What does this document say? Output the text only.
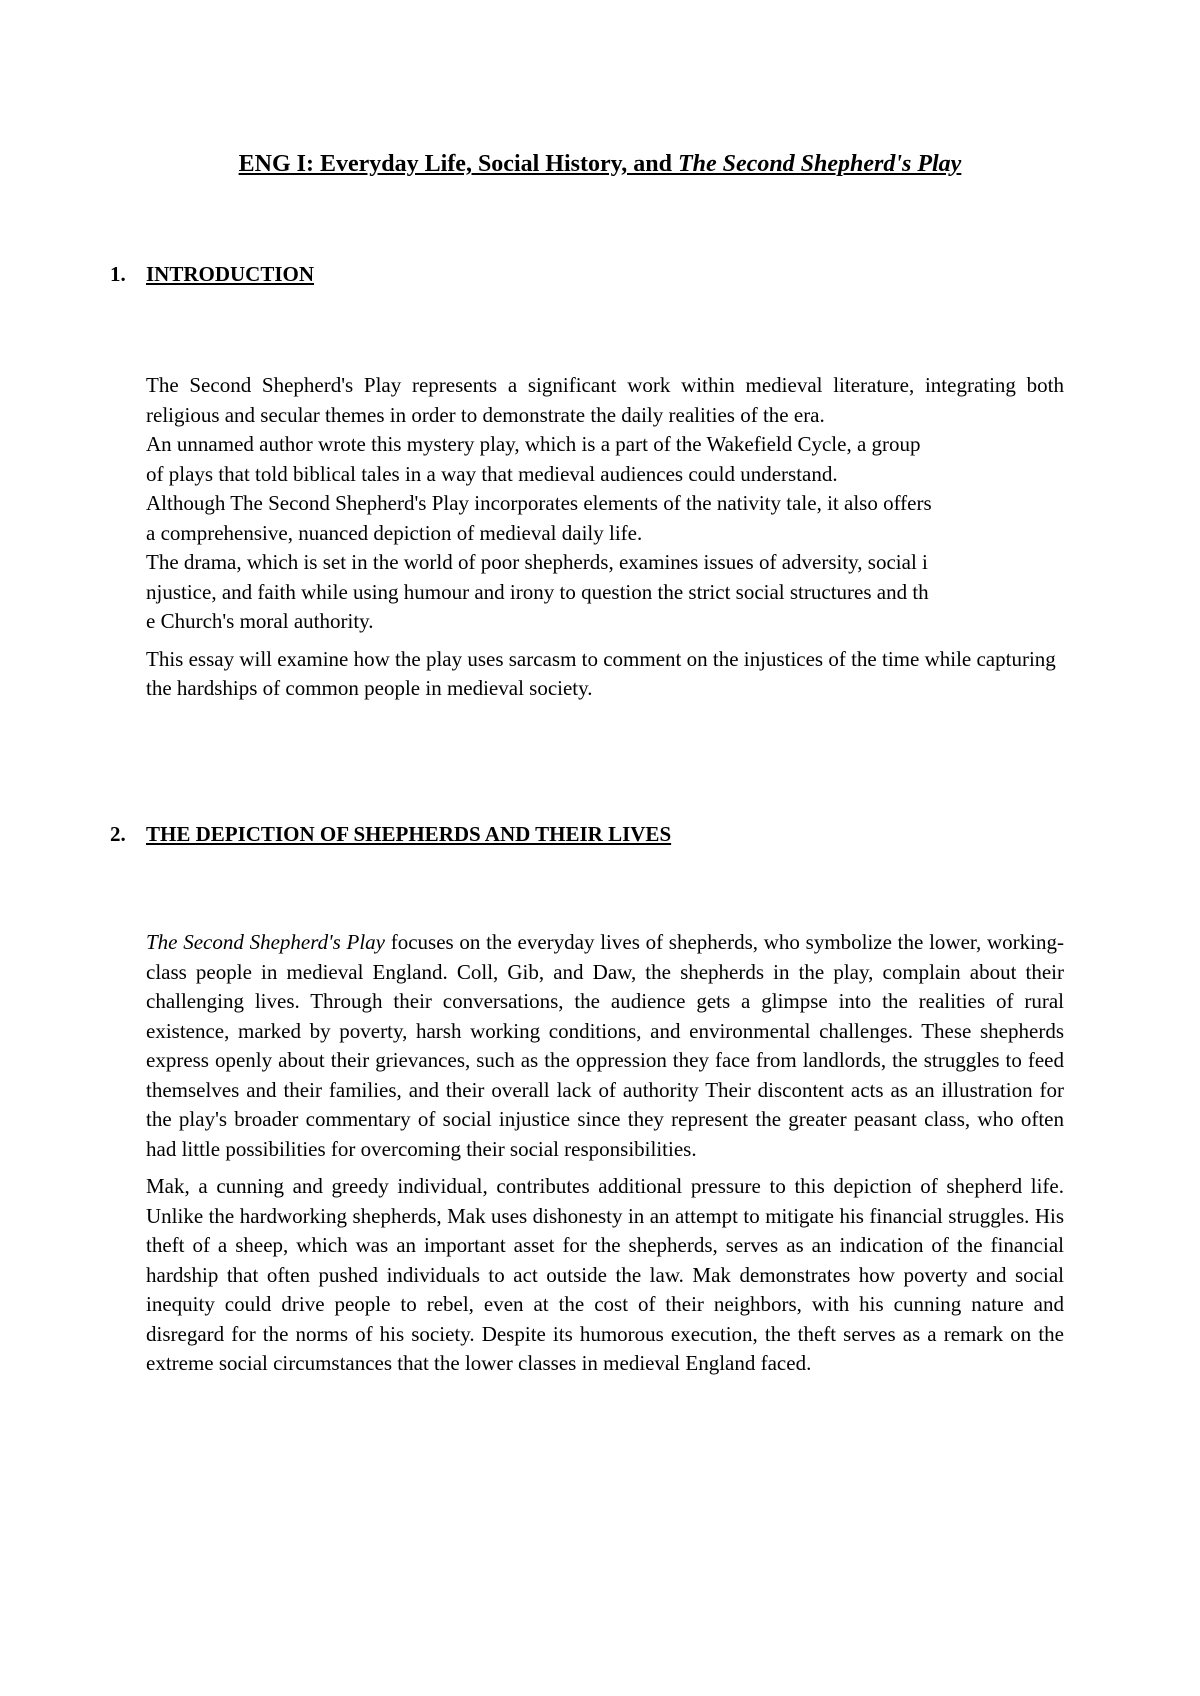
ENG I: Everyday Life, Social History, and The Second Shepherd's Play
1. INTRODUCTION

The Second Shepherd's Play represents a significant work within medieval literature, integrating both religious and secular themes in order to demonstrate the daily realities of the era.

An unnamed author wrote this mystery play, which is a part of the Wakefield Cycle, a group
of plays that told biblical tales in a way that medieval audiences could understand.
Although The Second Shepherd's Play incorporates elements of the nativity tale, it also offers
a comprehensive, nuanced depiction of medieval daily life.
The drama, which is set in the world of poor shepherds, examines issues of adversity, social i
njustice, and faith while using humour and irony to question the strict social structures and th
e Church's moral authority.

This essay will examine how the play uses sarcasm to comment on the injustices of the time while capturing the hardships of common people in medieval society.

2. THE DEPICTION OF SHEPHERDS AND THEIR LIVES

The Second Shepherd's Play focuses on the everyday lives of shepherds, who symbolize the lower, working-class people in medieval England. Coll, Gib, and Daw, the shepherds in the play, complain about their challenging lives. Through their conversations, the audience gets a glimpse into the realities of rural existence, marked by poverty, harsh working conditions, and environmental challenges. These shepherds express openly about their grievances, such as the oppression they face from landlords, the struggles to feed themselves and their families, and their overall lack of authority Their discontent acts as an illustration for the play's broader commentary of social injustice since they represent the greater peasant class, who often had little possibilities for overcoming their social responsibilities.

Mak, a cunning and greedy individual, contributes additional pressure to this depiction of shepherd life. Unlike the hardworking shepherds, Mak uses dishonesty in an attempt to mitigate his financial struggles. His theft of a sheep, which was an important asset for the shepherds, serves as an indication of the financial hardship that often pushed individuals to act outside the law. Mak demonstrates how poverty and social inequity could drive people to rebel, even at the cost of their neighbors, with his cunning nature and disregard for the norms of his society. Despite its humorous execution, the theft serves as a remark on the extreme social circumstances that the lower classes in medieval England faced.
